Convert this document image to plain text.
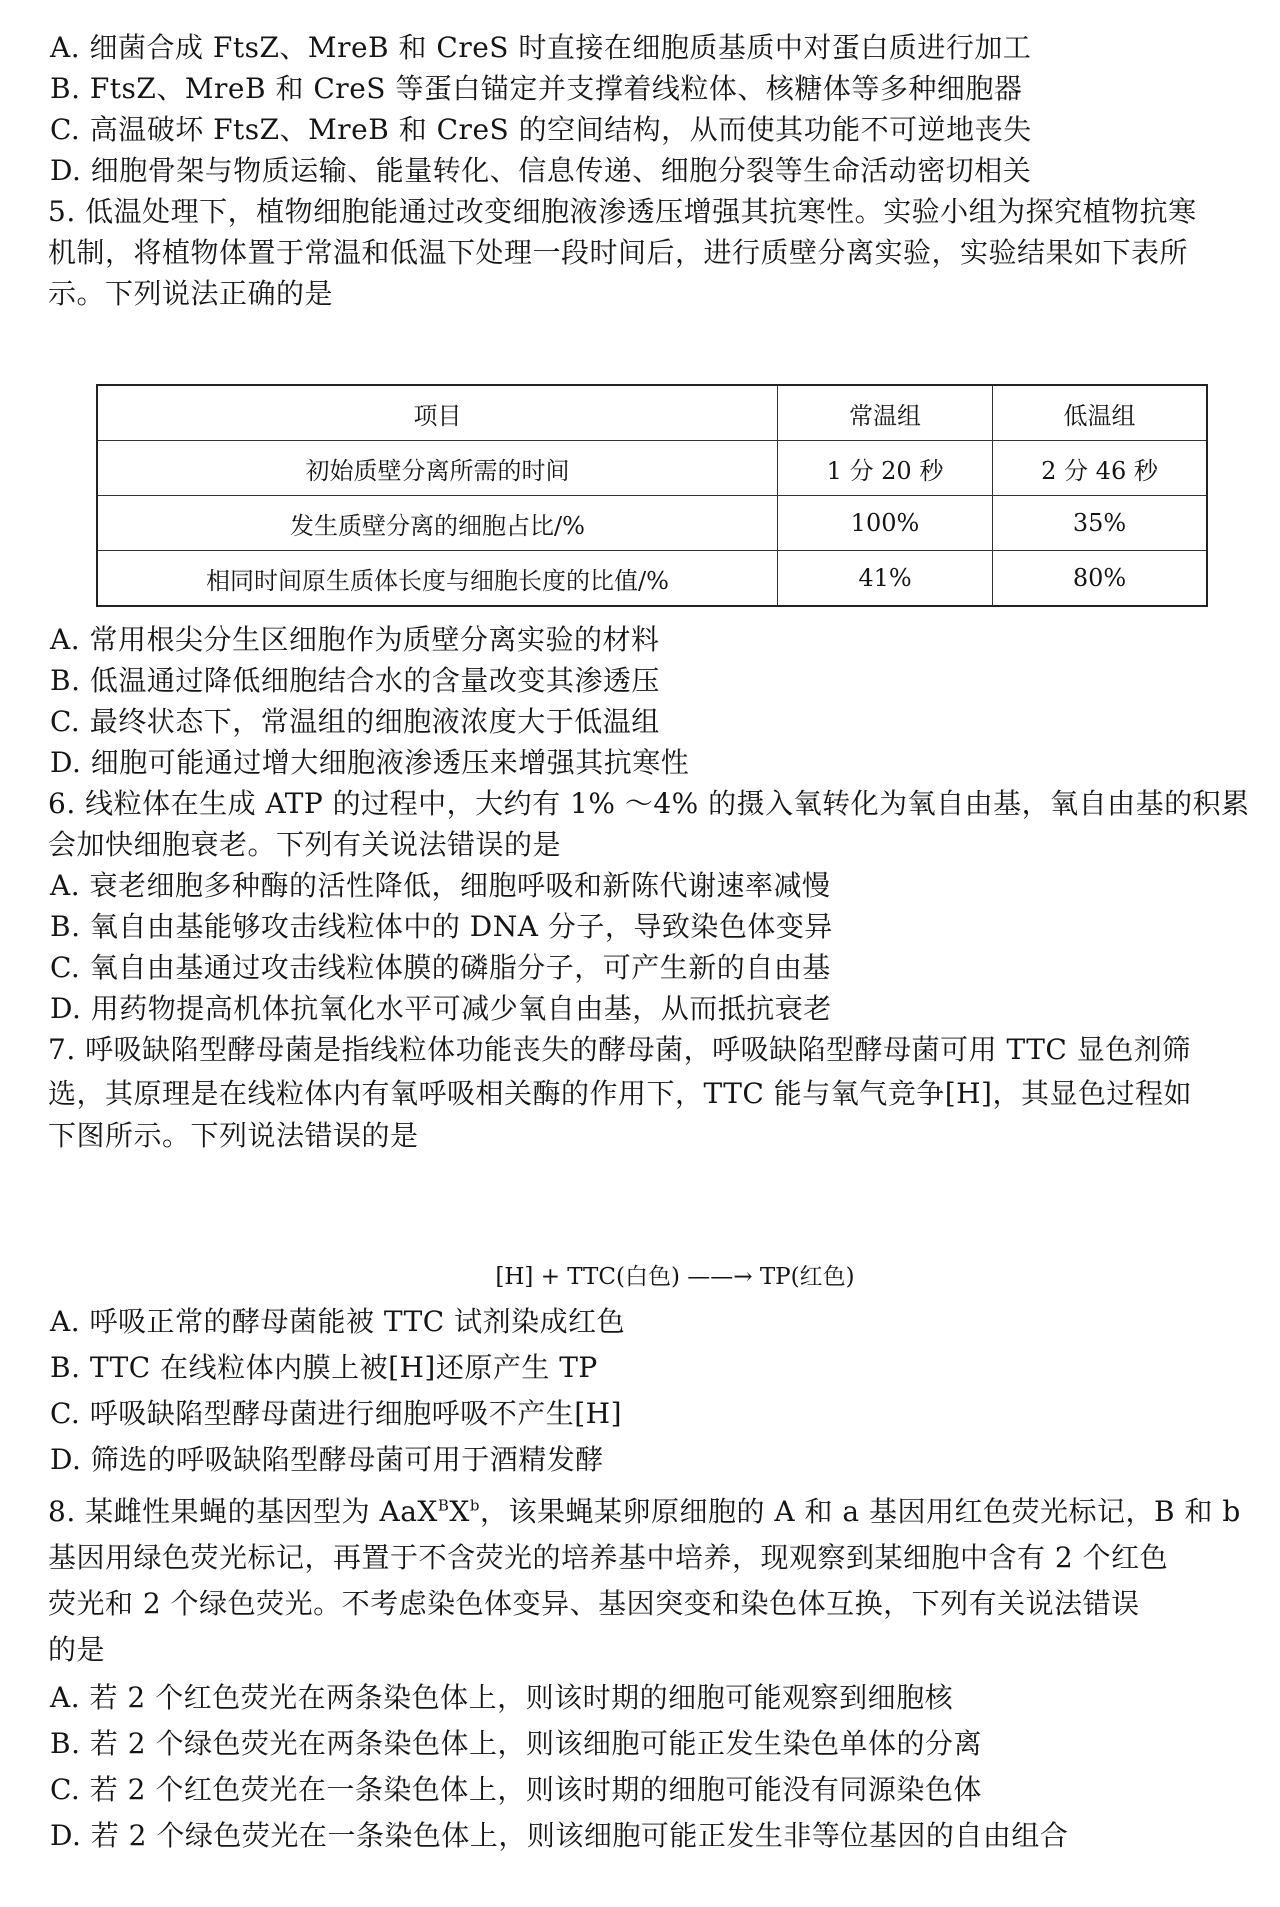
A. 细菌合成 FtsZ、MreB 和 CreS 时直接在细胞质基质中对蛋白质进行加工
B. FtsZ、MreB 和 CreS 等蛋白锚定并支撑着线粒体、核糖体等多种细胞器
C. 高温破坏 FtsZ、MreB 和 CreS 的空间结构，从而使其功能不可逆地丧失
D. 细胞骨架与物质运输、能量转化、信息传递、细胞分裂等生命活动密切相关
5. 低温处理下，植物细胞能通过改变细胞液渗透压增强其抗寒性。实验小组为探究植物抗寒
机制，将植物体置于常温和低温下处理一段时间后，进行质壁分离实验，实验结果如下表所
示。下列说法正确的是
项目	常温组	低温组
初始质壁分离所需的时间	1 分 20 秒	2 分 46 秒
发生质壁分离的细胞占比/%	100%	35%
相同时间原生质体长度与细胞长度的比值/%	41%	80%
A. 常用根尖分生区细胞作为质壁分离实验的材料
B. 低温通过降低细胞结合水的含量改变其渗透压
C. 最终状态下，常温组的细胞液浓度大于低温组
D. 细胞可能通过增大细胞液渗透压来增强其抗寒性
6. 线粒体在生成 ATP 的过程中，大约有 1% ～4% 的摄入氧转化为氧自由基，氧自由基的积累
会加快细胞衰老。下列有关说法错误的是
A. 衰老细胞多种酶的活性降低，细胞呼吸和新陈代谢速率减慢
B. 氧自由基能够攻击线粒体中的 DNA 分子，导致染色体变异
C. 氧自由基通过攻击线粒体膜的磷脂分子，可产生新的自由基
D. 用药物提高机体抗氧化水平可减少氧自由基，从而抵抗衰老
7. 呼吸缺陷型酵母菌是指线粒体功能丧失的酵母菌，呼吸缺陷型酵母菌可用 TTC 显色剂筛
选，其原理是在线粒体内有氧呼吸相关酶的作用下，TTC 能与氧气竞争[H]，其显色过程如
下图所示。下列说法错误的是
[H] + TTC(白色) ——→ TP(红色)
A. 呼吸正常的酵母菌能被 TTC 试剂染成红色
B. TTC 在线粒体内膜上被[H]还原产生 TP
C. 呼吸缺陷型酵母菌进行细胞呼吸不产生[H]
D. 筛选的呼吸缺陷型酵母菌可用于酒精发酵
8. 某雌性果蝇的基因型为 $AaX^BX^b$，该果蝇某卵原细胞的 A 和 a 基因用红色荧光标记，B 和 b
基因用绿色荧光标记，再置于不含荧光的培养基中培养，现观察到某细胞中含有 2 个红色
荧光和 2 个绿色荧光。不考虑染色体变异、基因突变和染色体互换，下列有关说法错误
的是
A. 若 2 个红色荧光在两条染色体上，则该时期的细胞可能观察到细胞核
B. 若 2 个绿色荧光在两条染色体上，则该细胞可能正发生染色单体的分离
C. 若 2 个红色荧光在一条染色体上，则该时期的细胞可能没有同源染色体
D. 若 2 个绿色荧光在一条染色体上，则该细胞可能正发生非等位基因的自由组合
